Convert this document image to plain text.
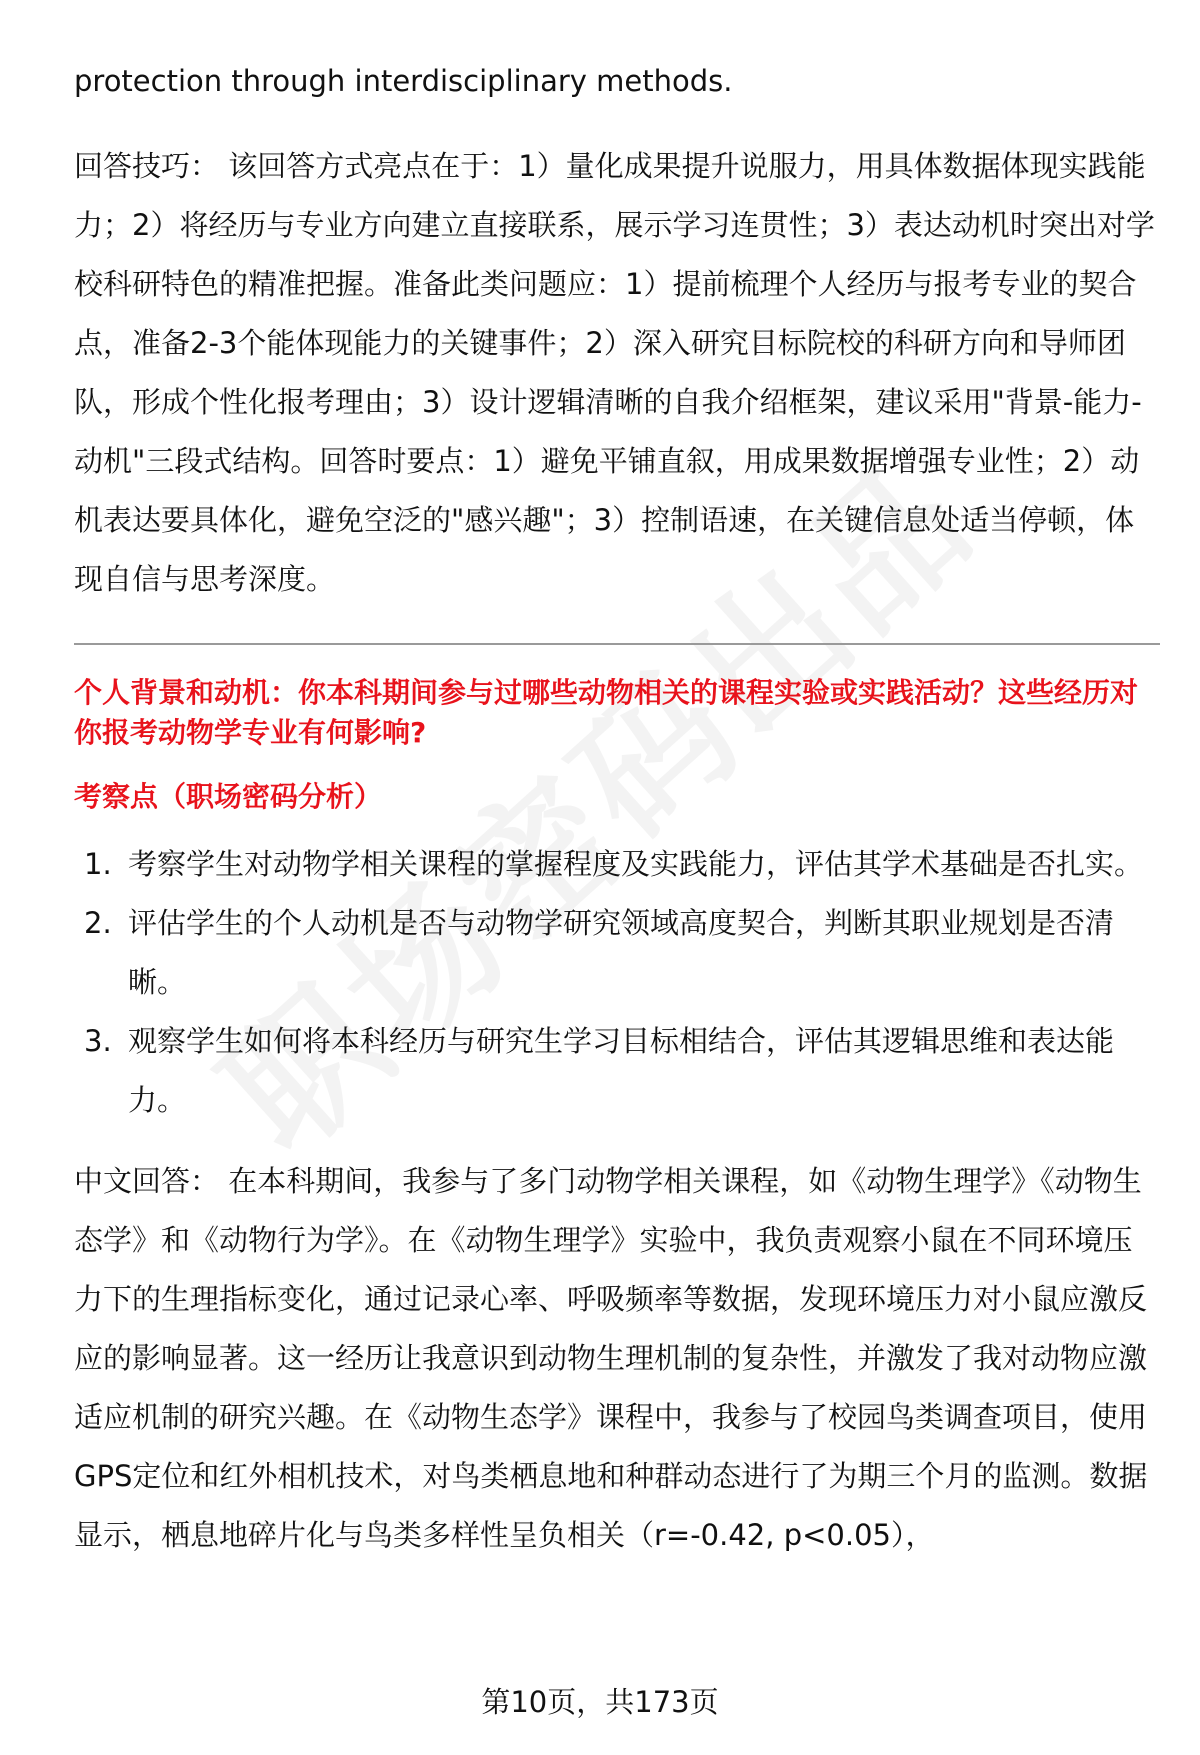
protection through interdisciplinary methods.

回答技巧： 该回答方式亮点在于：1）量化成果提升说服力，用具体数据体现实践能力；2）将经历与专业方向建立直接联系，展示学习连贯性；3）表达动机时突出对学校科研特色的精准把握。准备此类问题应：1）提前梳理个人经历与报考专业的契合点，准备2-3个能体现能力的关键事件；2）深入研究目标院校的科研方向和导师团队，形成个性化报考理由；3）设计逻辑清晰的自我介绍框架，建议采用"背景-能力-动机"三段式结构。回答时要点：1）避免平铺直叙，用成果数据增强专业性；2）动机表达要具体化，避免空泛的"感兴趣"；3）控制语速，在关键信息处适当停顿，体现自信与思考深度。

个人背景和动机：你本科期间参与过哪些动物相关的课程实验或实践活动？这些经历对你报考动物学专业有何影响?

考察点（职场密码分析）

1. 考察学生对动物学相关课程的掌握程度及实践能力，评估其学术基础是否扎实。
2. 评估学生的个人动机是否与动物学研究领域高度契合，判断其职业规划是否清晰。
3. 观察学生如何将本科经历与研究生学习目标相结合，评估其逻辑思维和表达能力。

中文回答： 在本科期间，我参与了多门动物学相关课程，如《动物生理学》《动物生态学》和《动物行为学》。在《动物生理学》实验中，我负责观察小鼠在不同环境压力下的生理指标变化，通过记录心率、呼吸频率等数据，发现环境压力对小鼠应激反应的影响显著。这一经历让我意识到动物生理机制的复杂性，并激发了我对动物应激适应机制的研究兴趣。在《动物生态学》课程中，我参与了校园鸟类调查项目，使用GPS定位和红外相机技术，对鸟类栖息地和种群动态进行了为期三个月的监测。数据显示，栖息地碎片化与鸟类多样性呈负相关（r=-0.42, p<0.05），

第10页，共173页
